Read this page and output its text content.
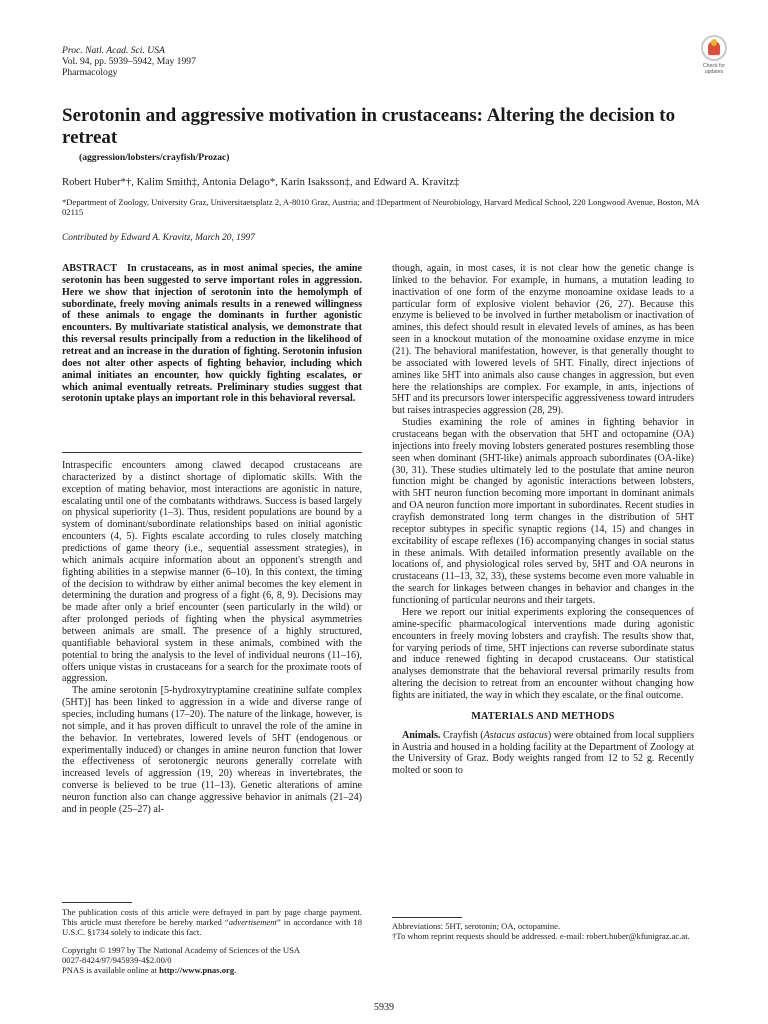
Proc. Natl. Acad. Sci. USA
Vol. 94, pp. 5939–5942, May 1997
Pharmacology
Check for updates
Serotonin and aggressive motivation in crustaceans: Altering the decision to retreat
(aggression/lobsters/crayfish/Prozac)
Robert Huber*†, Kalim Smith‡, Antonia Delago*, Karin Isaksson‡, and Edward A. Kravitz‡
*Department of Zoology, University Graz, Universitaetsplatz 2, A-8010 Graz, Austria; and ‡Department of Neurobiology, Harvard Medical School, 220 Longwood Avenue, Boston, MA 02115
Contributed by Edward A. Kravitz, March 20, 1997
ABSTRACT In crustaceans, as in most animal species, the amine serotonin has been suggested to serve important roles in aggression. Here we show that injection of serotonin into the hemolymph of subordinate, freely moving animals results in a renewed willingness of these animals to engage the dominants in further agonistic encounters. By multivariate statistical analysis, we demonstrate that this reversal results principally from a reduction in the likelihood of retreat and an increase in the duration of fighting. Serotonin infusion does not alter other aspects of fighting behavior, including which animal initiates an encounter, how quickly fighting escalates, or which animal eventually retreats. Preliminary studies suggest that serotonin uptake plays an important role in this behavioral reversal.

Intraspecific encounters among clawed decapod crustaceans are characterized by a distinct shortage of diplomatic skills. With the exception of mating behavior, most interactions are agonistic in nature, escalating until one of the combatants withdraws. Success is based largely on physical superiority (1–3). Thus, resident populations are bound by a system of dominant/subordinate relationships based on initial agonistic encounters (4, 5). Fights escalate according to rules closely matching predictions of game theory (i.e., sequential assessment strategies), in which animals acquire information about an opponent's strength and fighting abilities in a stepwise manner (6–10). In this context, the timing of the decision to withdraw by either animal becomes the key element in determining the duration and progress of a fight (6, 8, 9). Decisions may be made after only a brief encounter (seen particularly in the wild) or after prolonged periods of fighting when the physical asymmetries between animals are small. The presence of a highly structured, quantifiable behavioral system in these animals, combined with the potential to bring the analysis to the level of individual neurons (11–16), offers unique vistas in crustaceans for a search for the proximate roots of aggression.

The amine serotonin [5-hydroxytryptamine creatinine sulfate complex (5HT)] has been linked to aggression in a wide and diverse range of species, including humans (17–20). The nature of the linkage, however, is not simple, and it has proven difficult to unravel the role of the amine in the behavior. In vertebrates, lowered levels of 5HT (endogenous or experimentally induced) or changes in amine neuron function that lower the effectiveness of serotonergic neurons generally correlate with increased levels of aggression (19, 20) whereas in invertebrates, the converse is believed to be true (11–13). Genetic alterations of amine neuron function also can change aggressive behavior in animals (21–24) and in people (25–27) al-

The publication costs of this article were defrayed in part by page charge payment. This article must therefore be hereby marked “advertisement” in accordance with 18 U.S.C. §1734 solely to indicate this fact.
Copyright © 1997 by The National Academy of Sciences of the USA
0027-8424/97/945939-4$2.00/0
PNAS is available online at http://www.pnas.org.

though, again, in most cases, it is not clear how the genetic change is linked to the behavior. For example, in humans, a mutation leading to inactivation of one form of the enzyme monoamine oxidase leads to a particular form of explosive violent behavior (26, 27). Because this enzyme is believed to be involved in further metabolism or inactivation of amines, this defect should result in elevated levels of amines, as has been seen in a knockout mutation of the monoamine oxidase enzyme in mice (21). The behavioral manifestation, however, is that generally thought to be associated with lowered levels of 5HT. Finally, direct injections of amines like 5HT into animals also cause changes in aggression, but even here the relationships are complex. For example, in ants, injections of 5HT and its precursors lower interspecific aggressiveness toward intruders but raises intraspecies aggression (28, 29).

Studies examining the role of amines in fighting behavior in crustaceans began with the observation that 5HT and octopamine (OA) injections into freely moving lobsters generated postures resembling those seen when dominant (5HT-like) animals approach subordinates (OA-like) (30, 31). These studies ultimately led to the postulate that amine neuron function might be changed by agonistic interactions between lobsters, with 5HT neuron function becoming more important in dominant animals and OA neuron function more important in subordinates. Recent studies in crayfish demonstrated long term changes in the distribution of 5HT receptor subtypes in specific synaptic regions (14, 15) and changes in excitability of escape reflexes (16) accompanying changes in social status in these animals. With detailed information presently available on the locations of, and physiological roles served by, 5HT and OA neurons in crustaceans (11–13, 32, 33), these systems become even more valuable in the search for linkages between changes in behavior and changes in the functioning of particular neurons and their targets.

Here we report our initial experiments exploring the consequences of amine-specific pharmacological interventions made during agonistic encounters in freely moving lobsters and crayfish. The results show that, for varying periods of time, 5HT injections can reverse subordinate status and induce renewed fighting in decapod crustaceans. Our statistical analyses demonstrate that the behavioral reversal primarily results from altering the decision to retreat from an encounter without changing how fights are initiated, the way in which they escalate, or the final outcome.

MATERIALS AND METHODS

Animals. Crayfish (Astacus astacus) were obtained from local suppliers in Austria and housed in a holding facility at the Department of Zoology at the University of Graz. Body weights ranged from 12 to 52 g. Recently molted or soon to

Abbreviations: 5HT, serotonin; OA, octopamine.
†To whom reprint requests should be addressed. e-mail: robert.huber@kfunigraz.ac.at.
5939
